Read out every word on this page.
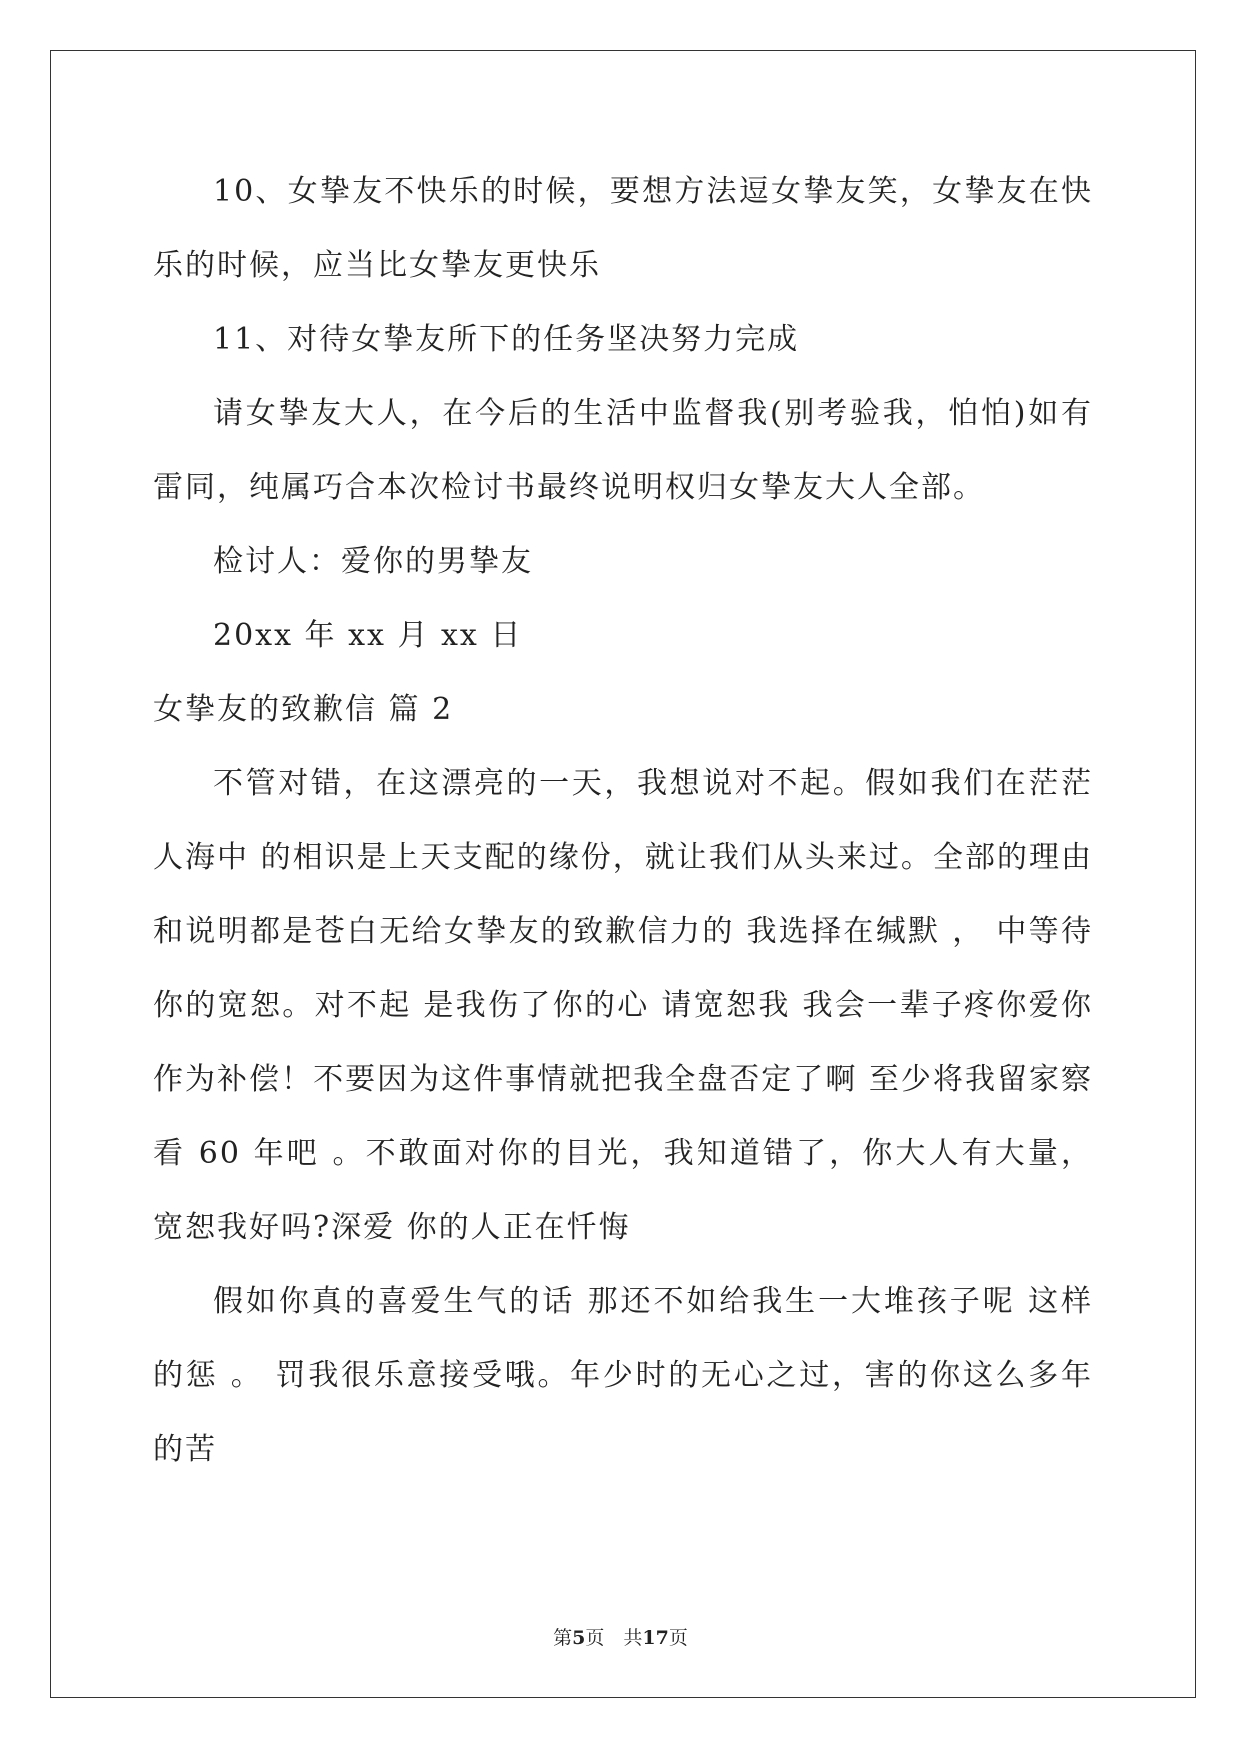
10、女挚友不快乐的时候，要想方法逗女挚友笑，女挚友在快乐的时候，应当比女挚友更快乐

11、对待女挚友所下的任务坚决努力完成

请女挚友大人，在今后的生活中监督我(别考验我，怕怕)如有雷同，纯属巧合本次检讨书最终说明权归女挚友大人全部。

检讨人：爱你的男挚友

20xx 年 xx 月 xx 日

女挚友的致歉信 篇 2

不管对错，在这漂亮的一天，我想说对不起。假如我们在茫茫人海中 的相识是上天支配的缘份，就让我们从头来过。全部的理由和说明都是苍白无给女挚友的致歉信力的 我选择在缄默 ， 中等待你的宽恕。对不起 是我伤了你的心 请宽恕我 我会一辈子疼你爱你作为补偿！不要因为这件事情就把我全盘否定了啊 至少将我留家察看 60 年吧 。不敢面对你的目光，我知道错了，你大人有大量，宽恕我好吗?深爱 你的人正在忏悔

假如你真的喜爱生气的话 那还不如给我生一大堆孩子呢 这样的惩 。 罚我很乐意接受哦。年少时的无心之过，害的你这么多年的苦

第5页　共17页
